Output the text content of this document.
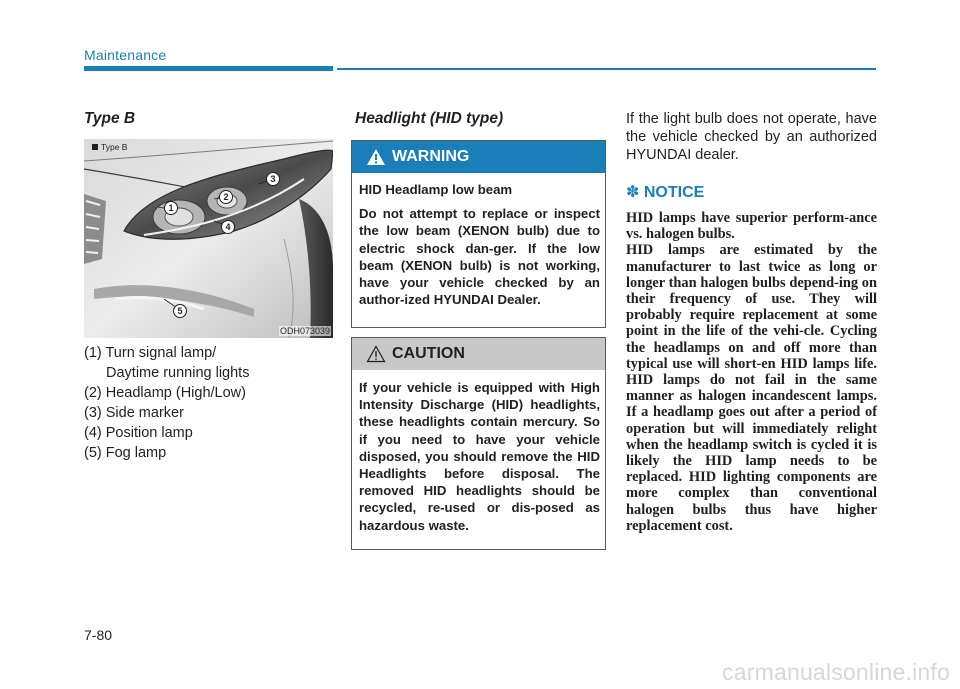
Maintenance
Type B
Type B
1
2
3
4
5
ODH073039
(1) Turn signal lamp/
Daytime running lights
(2) Headlamp (High/Low)
(3) Side marker
(4) Position lamp
(5) Fog lamp
Headlight (HID type)
WARNING

HID Headlamp low beam

Do not attempt to replace or inspect the low beam (XENON bulb) due to electric shock dan-ger. If the low beam (XENON bulb) is not working, have your vehicle checked by an author-ized HYUNDAI Dealer.

CAUTION

If your vehicle is equipped with High Intensity Discharge (HID) headlights, these headlights contain mercury. So if you need to have your vehicle disposed, you should remove the HID Headlights before disposal. The removed HID headlights should be recycled, re-used or dis-posed as hazardous waste.

If the light bulb does not operate, have the vehicle checked by an authorized HYUNDAI dealer.
✽ NOTICE

HID lamps have superior perform-ance vs. halogen bulbs.

HID lamps are estimated by the manufacturer to last twice as long or longer than halogen bulbs depend-ing on their frequency of use. They will probably require replacement at some point in the life of the vehi-cle. Cycling the headlamps on and off more than typical use will short-en HID lamps life. HID lamps do not fail in the same manner as halogen incandescent lamps. If a headlamp goes out after a period of operation but will immediately relight when the headlamp switch is cycled it is likely the HID lamp needs to be replaced. HID lighting components are more complex than conventional halogen bulbs thus have higher replacement cost.

7-80
carmanualsonline.info
